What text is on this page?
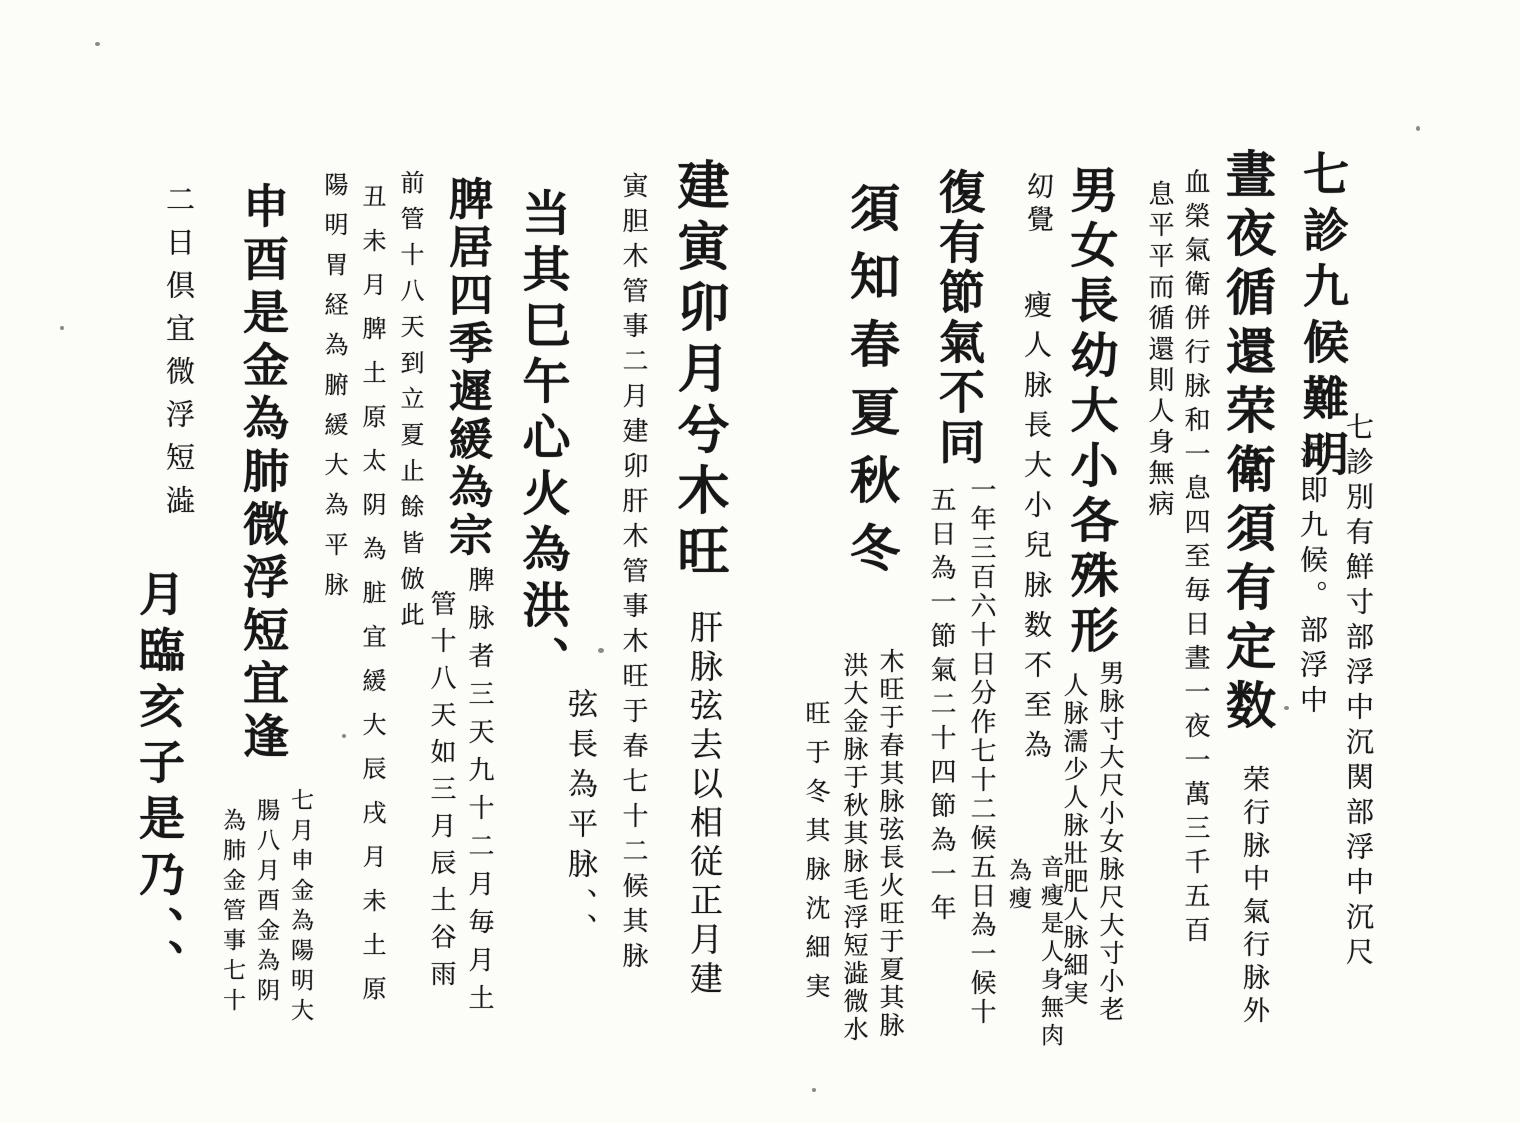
七診九候難明
七診別有鮮寸部浮中沉関部浮中沉尺
沉即九候。部浮中
晝夜循還荣衛須有定数
荣行脉中氣行脉外
血榮氣衛併行脉和一息四至毎日晝一夜一萬三千五百
息平平而循還則人身無病
男女長幼大小各殊形
男脉寸大尺小女脉尺大寸小老
人脉濡少人脉壯肥人脉細実
㓜覺
瘦人脉長大小兒脉数不至為
音瘦是人身無肉
為瘦
復有節氣不同
一年三百六十日分作七十二候五日為一候十
五日為一節氣二十四節為一年
須知春夏秋冬
木旺于春其脉弦長火旺于夏其脉
洪大金脉于秋其脉毛浮短澁微水
旺于冬其脉沈細実
建寅卯月兮木旺
肝脉弦去以相従正月建
寅胆木管事二月建卯肝木管事木旺于春七十二候其脉
弦長為平脉、、
当其巳午心火為洪、
脾居四季遲緩為宗
脾脉者三天九十二月毎月土
管十八天如三月辰土谷雨
前管十八天到立夏止餘皆倣此
丑未月脾土原太阴為脏宜緩大辰戌月未土原
陽明胃経為腑緩大為平脉
申酉是金為肺微浮短宜逢
七月申金為陽明大
腸八月酉金為阴
為肺金管事七十
二日倶宜微浮短澁
月臨亥子是乃、、
